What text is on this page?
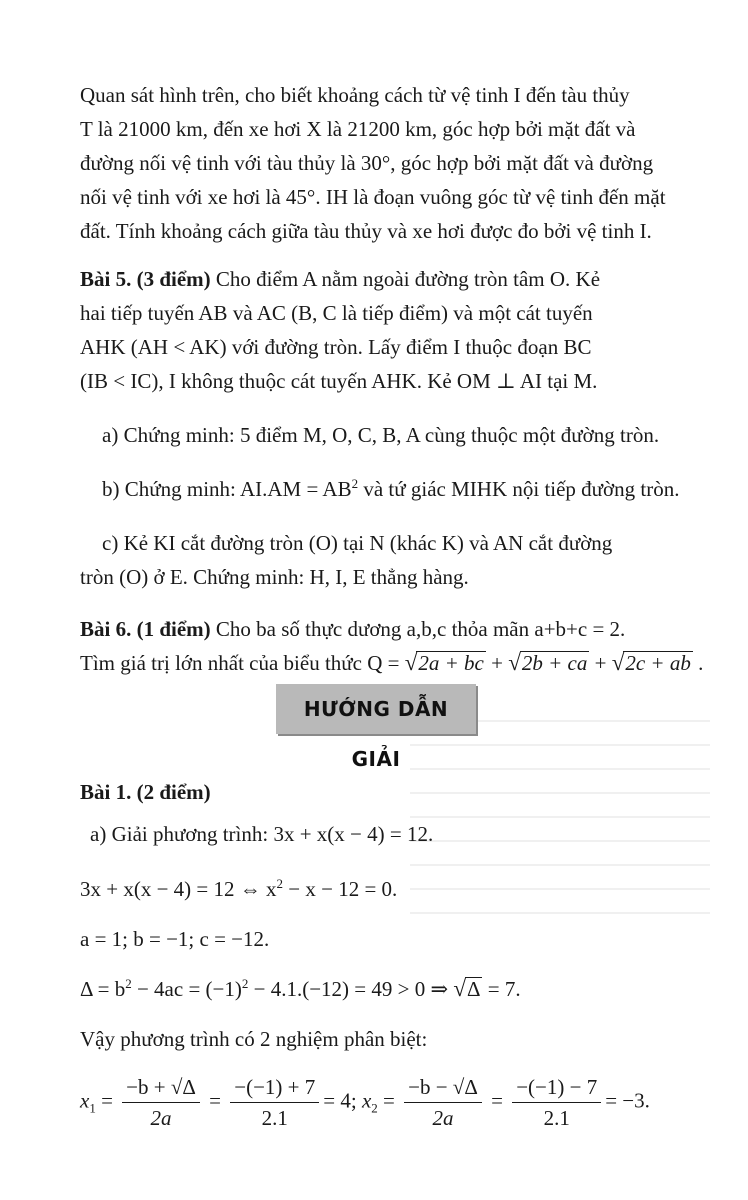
Quan sát hình trên, cho biết khoảng cách từ vệ tinh I đến tàu thủy
T là 21000 km, đến xe hơi X là 21200 km, góc hợp bởi mặt đất và
đường nối vệ tinh với tàu thủy là 30°, góc hợp bởi mặt đất và đường
nối vệ tinh với xe hơi là 45°. IH là đoạn vuông góc từ vệ tinh đến mặt
đất. Tính khoảng cách giữa tàu thủy và xe hơi được đo bởi vệ tinh I.
Bài 5. (3 điểm) Cho điểm A nằm ngoài đường tròn tâm O. Kẻ
hai tiếp tuyến AB và AC (B, C là tiếp điểm) và một cát tuyến
AHK (AH < AK) với đường tròn. Lấy điểm I thuộc đoạn BC
(IB < IC), I không thuộc cát tuyến AHK. Kẻ OM ⊥ AI tại M.
a) Chứng minh: 5 điểm M, O, C, B, A cùng thuộc một đường tròn.
b) Chứng minh: $AI.AM = AB^2$ và tứ giác MIHK nội tiếp đường tròn.
c) Kẻ KI cắt đường tròn (O) tại N (khác K) và AN cắt đường
tròn (O) ở E. Chứng minh: H, I, E thẳng hàng.
Bài 6. (1 điểm) Cho ba số thực dương a,b,c thỏa mãn a+b+c = 2.
Tìm giá trị lớn nhất của biểu thức Q = √2a + bc + √2b + ca + √2c + ab .
HƯỚNG DẪN GIẢI
Bài 1. (2 điểm)
a) Giải phương trình: 3x + x(x − 4) = 12.
3x + x(x − 4) = 12 ⇔ $x^2 - x - 12 = 0$.
a = 1; b = −1; c = −12.
$\Delta = b^2 - 4ac = (-1)^2 - 4.1.(-12) = 49 > 0$ ⇒ √Δ = 7.
Vậy phương trình có 2 nghiệm phân biệt:
$x_1 = \frac{-b + √\Delta}{2a} = \frac{-(-1) + 7}{2.1} = 4$; $x_2 = \frac{-b - √\Delta}{2a} = \frac{-(-1) - 7}{2.1} = -3$.
